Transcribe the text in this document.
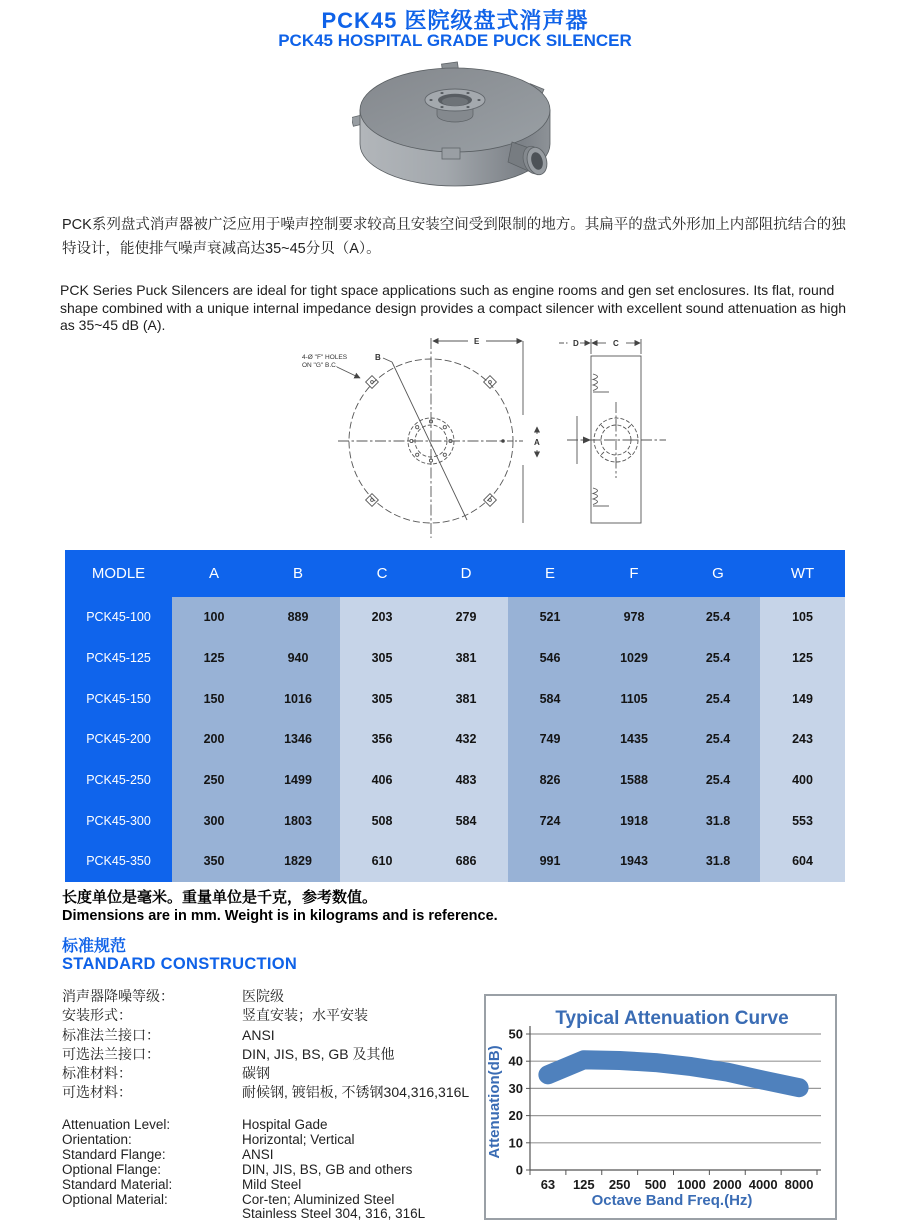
PCK45 医院级盘式消声器
PCK45 HOSPITAL GRADE PUCK SILENCER

PCK系列盘式消声器被广泛应用于噪声控制要求较高且安装空间受到限制的地方。其扁平的盘式外形加上内部阻抗结合的独特设计，能使排气噪声衰减高达35~45分贝（A）。

PCK Series Puck Silencers are ideal for tight space applications such as engine rooms and gen set enclosures. Its flat, round shape combined with a unique internal impedance design provides a compact silencer with excellent sound attenuation as high as 35~45 dB (A).

4-Ø "F" HOLES
ON "G" B.C.
E
B
A
D	C
MODLE	A	B	C	D	E	F	G	WT
PCK45-100	100	889	203	279	521	978	25.4	105
PCK45-125	125	940	305	381	546	1029	25.4	125
PCK45-150	150	1016	305	381	584	1105	25.4	149
PCK45-200	200	1346	356	432	749	1435	25.4	243
PCK45-250	250	1499	406	483	826	1588	25.4	400
PCK45-300	300	1803	508	584	724	1918	31.8	553
PCK45-350	350	1829	610	686	991	1943	31.8	604
长度单位是毫米。重量单位是千克，参考数值。
Dimensions are in mm. Weight is in kilograms and is reference.
标准规范
STANDARD CONSTRUCTION
消声器降噪等级：	医院级
安装形式：	竖直安装；水平安装
标准法兰接口：	ANSI
可选法兰接口：	DIN, JIS, BS, GB 及其他
标准材料：	碳钢
可选材料：	耐候钢, 镀铝板, 不锈钢304,316,316L
Attenuation Level:	Hospital Gade
Orientation:	Horizontal; Vertical
Standard Flange:	ANSI
Optional Flange:	DIN, JIS, BS, GB and others
Standard Material:	Mild Steel
Optional Material:	Cor-ten; Aluminized Steel
Stainless Steel 304, 316, 316L
Typical Attenuation Curve
Attenuation(dB)
Octave Band Freq.(Hz)
0
10
20
30
40
50
63 125 250 500 1000 2000 4000 8000
